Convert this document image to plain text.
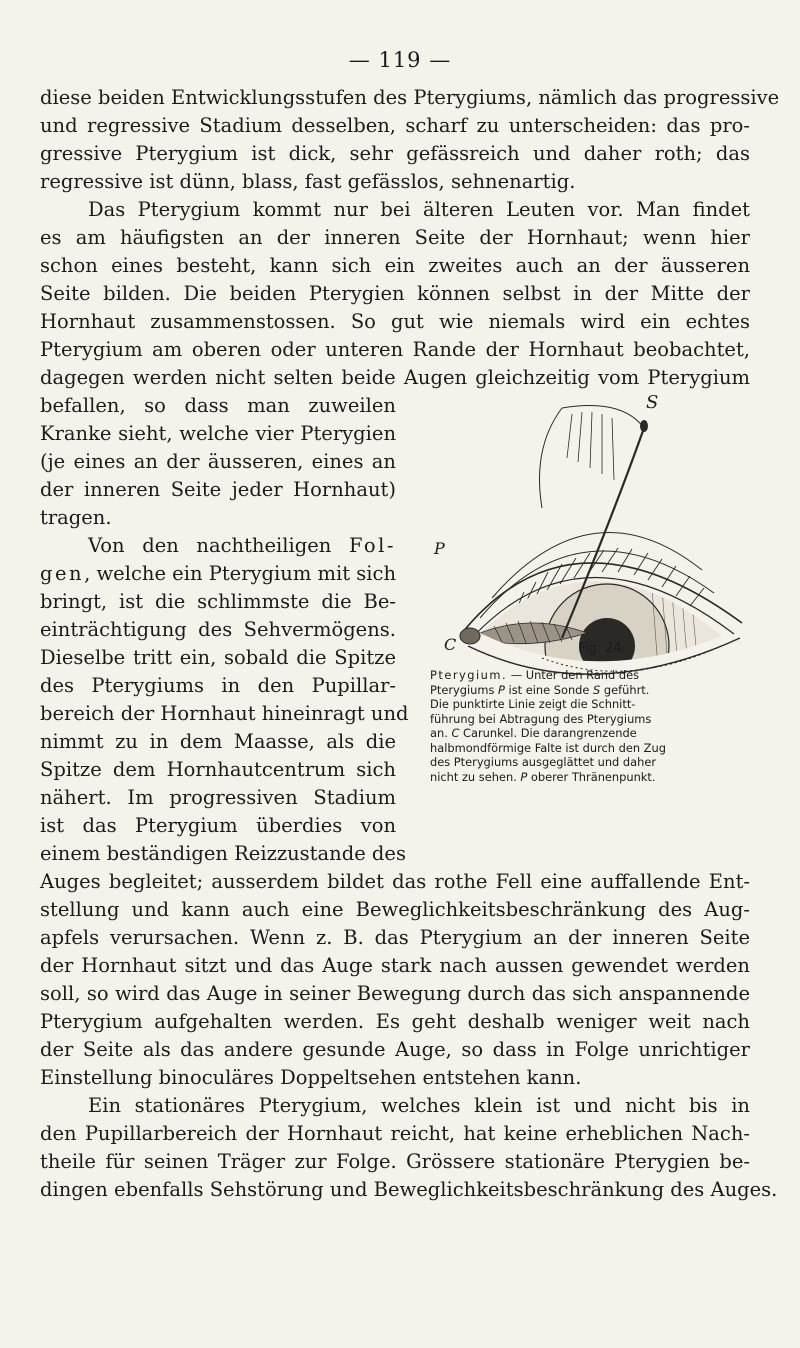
— 119 —
diese beiden Entwicklungsstufen des Pterygiums, nämlich das progressive
und regressive Stadium desselben, scharf zu unterscheiden: das pro-
gressive Pterygium ist dick, sehr gefässreich und daher roth; das
regressive ist dünn, blass, fast gefässlos, sehnenartig.
Das Pterygium kommt nur bei älteren Leuten vor. Man findet
es am häufigsten an der inneren Seite der Hornhaut; wenn hier
schon eines besteht, kann sich ein zweites auch an der äusseren
Seite bilden. Die beiden Pterygien können selbst in der Mitte der
Hornhaut zusammenstossen. So gut wie niemals wird ein echtes
Pterygium am oberen oder unteren Rande der Hornhaut beobachtet,
dagegen werden nicht selten beide Augen gleichzeitig vom Pterygium
befallen, so dass man zuweilen
Kranke sieht, welche vier Pterygien
(je eines an der äusseren, eines an
der inneren Seite jeder Hornhaut)
tragen.
Von den nachtheiligen Fol-
gen, welche ein Pterygium mit sich
bringt, ist die schlimmste die Be-
einträchtigung des Sehvermögens.
Dieselbe tritt ein, sobald die Spitze
des Pterygiums in den Pupillar-
bereich der Hornhaut hineinragt und
nimmt zu in dem Maasse, als die
Spitze dem Hornhautcentrum sich
nähert. Im progressiven Stadium
ist das Pterygium überdies von
einem beständigen Reizzustande des
Auges begleitet; ausserdem bildet das rothe Fell eine auffallende Ent-
stellung und kann auch eine Beweglichkeitsbeschränkung des Aug-
apfels verursachen. Wenn z. B. das Pterygium an der inneren Seite
der Hornhaut sitzt und das Auge stark nach aussen gewendet werden
soll, so wird das Auge in seiner Bewegung durch das sich anspannende
Pterygium aufgehalten werden. Es geht deshalb weniger weit nach
der Seite als das andere gesunde Auge, so dass in Folge unrichtiger
Einstellung binoculäres Doppeltsehen entstehen kann.
Ein stationäres Pterygium, welches klein ist und nicht bis in
den Pupillarbereich der Hornhaut reicht, hat keine erheblichen Nach-
theile für seinen Träger zur Folge. Grössere stationäre Pterygien be-
dingen ebenfalls Sehstörung und Beweglichkeitsbeschränkung des Auges.
S
P
C	Fig. 24.
Pterygium. — Unter den Rand des
Pterygiums P ist eine Sonde S geführt.
Die punktirte Linie zeigt die Schnitt-
führung bei Abtragung des Pterygiums
an. C Carunkel. Die darangrenzende
halbmondförmige Falte ist durch den Zug
des Pterygiums ausgeglättet und daher
nicht zu sehen. P oberer Thränenpunkt.
